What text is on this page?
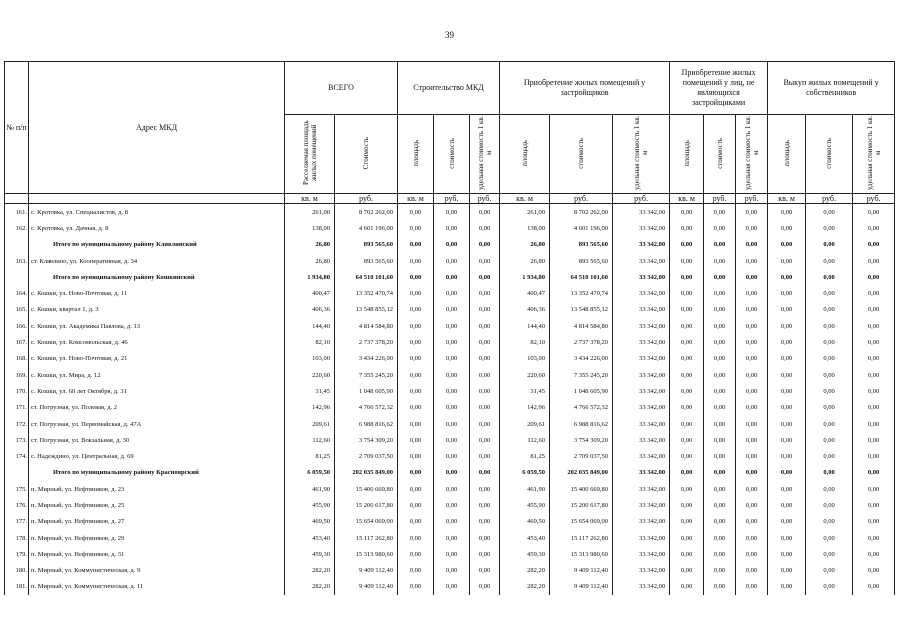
39
№ п/п	Адрес МКД	ВСЕГО		Строительство МКД			Приобретение жилых помещений у застройщиков			Приобретение жилых помещений у лиц, не являющихся застройщиками			Выкуп жилых помещений у собственников		

		Расселяемая площадь жилых помещений	Стоимость	площадь	стоимость	удельная стоимость 1 кв. м	площадь	стоимость	удельная стоимость 1 кв. м	площадь	стоимость	удельная стоимость 1 кв. м	площадь	стоимость	удельная стоимость 1 кв. м
		кв. м	руб.	кв. м	руб.	руб.	кв. м	руб.	руб.	кв. м	руб.	руб.	кв. м	руб.	руб.
161.	с. Кротовка, ул. Специалистов, д. 8	261,00	8 702 262,00	0,00	0,00	0,00	261,00	8 702 262,00	33 342,00	0,00	0,00	0,00	0,00	0,00	0,00
162.	с. Кротовка, ул. Дачная, д. 8	138,00	4 601 196,00	0,00	0,00	0,00	138,00	4 601 196,00	33 342,00	0,00	0,00	0,00	0,00	0,00	0,00
	Итого по муниципальному району Клявлинский	26,80	893 565,60	0,00	0,00	0,00	26,80	893 565,60	33 342,00	0,00	0,00	0,00	0,00	0,00	0,00
163.	ст. Клявлино, ул. Кооперативная, д. 34	26,80	893 565,60	0,00	0,00	0,00	26,80	893 565,60	33 342,00	0,00	0,00	0,00	0,00	0,00	0,00
	Итого по муниципальному району Кошкинский	1 934,80	64 510 101,60	0,00	0,00	0,00	1 934,80	64 510 101,60	33 342,00	0,00	0,00	0,00	0,00	0,00	0,00
164.	с. Кошки, ул. Ново-Почтовая, д. 11	400,47	13 352 470,74	0,00	0,00	0,00	400,47	13 352 470,74	33 342,00	0,00	0,00	0,00	0,00	0,00	0,00
165.	с. Кошки, квартал 1, д. 3	406,36	13 548 855,12	0,00	0,00	0,00	406,36	13 548 855,12	33 342,00	0,00	0,00	0,00	0,00	0,00	0,00
166.	с. Кошки, ул. Академика Павлова, д. 13	144,40	4 814 584,80	0,00	0,00	0,00	144,40	4 814 584,80	33 342,00	0,00	0,00	0,00	0,00	0,00	0,00
167.	с. Кошки, ул. Комсомольская, д. 46	82,10	2 737 378,20	0,00	0,00	0,00	82,10	2 737 378,20	33 342,00	0,00	0,00	0,00	0,00	0,00	0,00
168.	с. Кошки, ул. Ново-Почтовая, д. 21	103,00	3 434 226,00	0,00	0,00	0,00	103,00	3 434 226,00	33 342,00	0,00	0,00	0,00	0,00	0,00	0,00
169.	с. Кошки, ул. Мира, д. 12	220,60	7 355 245,20	0,00	0,00	0,00	220,60	7 355 245,20	33 342,00	0,00	0,00	0,00	0,00	0,00	0,00
170.	с. Кошки, ул. 60 лет Октября, д. 31	31,45	1 048 605,90	0,00	0,00	0,00	31,45	1 048 605,90	33 342,00	0,00	0,00	0,00	0,00	0,00	0,00
171.	ст. Погрузная, ул. Полевая, д. 2	142,96	4 766 572,32	0,00	0,00	0,00	142,96	4 766 572,32	33 342,00	0,00	0,00	0,00	0,00	0,00	0,00
172.	ст. Погрузная, ул. Первомайская, д. 47А	209,61	6 988 816,62	0,00	0,00	0,00	209,61	6 988 816,62	33 342,00	0,00	0,00	0,00	0,00	0,00	0,00
173.	ст. Погрузная, ул. Вокзальная, д. 30	112,60	3 754 309,20	0,00	0,00	0,00	112,60	3 754 309,20	33 342,00	0,00	0,00	0,00	0,00	0,00	0,00
174.	с. Надеждино, ул. Центральная, д. 69	81,25	2 709 037,50	0,00	0,00	0,00	81,25	2 709 037,50	33 342,00	0,00	0,00	0,00	0,00	0,00	0,00
	Итого по муниципальному району Красноярский	6 059,50	202 035 849,00	0,00	0,00	0,00	6 059,50	202 035 849,00	33 342,00	0,00	0,00	0,00	0,00	0,00	0,00
175.	п. Мирный, ул. Нефтяников, д. 23	461,90	15 400 669,80	0,00	0,00	0,00	461,90	15 400 669,80	33 342,00	0,00	0,00	0,00	0,00	0,00	0,00
176.	п. Мирный, ул. Нефтяников, д. 25	455,90	15 200 617,80	0,00	0,00	0,00	455,90	15 200 617,80	33 342,00	0,00	0,00	0,00	0,00	0,00	0,00
177.	п. Мирный, ул. Нефтяников, д. 27	469,50	15 654 069,00	0,00	0,00	0,00	469,50	15 654 069,00	33 342,00	0,00	0,00	0,00	0,00	0,00	0,00
178.	п. Мирный, ул. Нефтяников, д. 29	453,40	15 117 262,80	0,00	0,00	0,00	453,40	15 117 262,80	33 342,00	0,00	0,00	0,00	0,00	0,00	0,00
179.	п. Мирный, ул. Нефтяников, д. 31	459,30	15 313 980,60	0,00	0,00	0,00	459,30	15 313 980,60	33 342,00	0,00	0,00	0,00	0,00	0,00	0,00
180.	п. Мирный, ул. Коммунистическая, д. 9	282,20	9 409 112,40	0,00	0,00	0,00	282,20	9 409 112,40	33 342,00	0,00	0,00	0,00	0,00	0,00	0,00
181.	п. Мирный, ул. Коммунистическая, д. 11	282,20	9 409 112,40	0,00	0,00	0,00	282,20	9 409 112,40	33 342,00	0,00	0,00	0,00	0,00	0,00	0,00
